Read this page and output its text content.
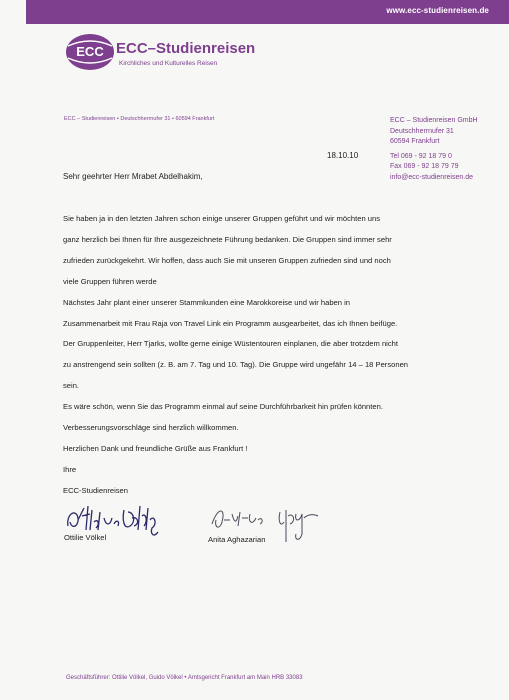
www.ecc-studienreisen.de
ECC ECC–Studienreisen
Kirchliches und Kulturelles Reisen
ECC – Studienreisen • Deutschherrnufer 31 • 60594 Frankfurt	ECC – Studienreisen GmbH
Deutschherrnufer 31
60594 Frankfurt
Tel 069 - 92 18 79 0
Fax 069 - 92 18 79 79
info@ecc-studienreisen.de
18.10.10
Sehr geehrter Herr Mrabet Abdelhakim,

Sie haben ja in den letzten Jahren schon einige unserer Gruppen geführt und wir möchten uns

ganz herzlich bei Ihnen für Ihre ausgezeichnete Führung bedanken. Die Gruppen sind immer sehr

zufrieden zurückgekehrt. Wir hoffen, dass auch Sie mit unseren Gruppen zufrieden sind und noch

viele Gruppen führen werde

Nächstes Jahr plant einer unserer Stammkunden eine Marokkoreise und wir haben in

Zusammenarbeit mit Frau Raja von Travel Link ein Programm ausgearbeitet, das ich Ihnen beifüge.

Der Gruppenleiter, Herr Tjarks, wollte gerne einige Wüstentouren einplanen, die aber trotzdem nicht

zu anstrengend sein sollten (z. B. am 7. Tag und 10. Tag). Die Gruppe wird ungefähr 14 – 18 Personen

sein.

Es wäre schön, wenn Sie das Programm einmal auf seine Durchführbarkeit hin prüfen könnten.

Verbesserungsvorschläge sind herzlich willkommen.

Herzlichen Dank und freundliche Grüße aus Frankfurt !

Ihre

ECC-Studienreisen

Ottilie Völkel	Anita Aghazarian
Geschäftsführer: Ottilie Völkel, Guido Völkel • Amtsgericht Frankfurt am Main HRB 33083
